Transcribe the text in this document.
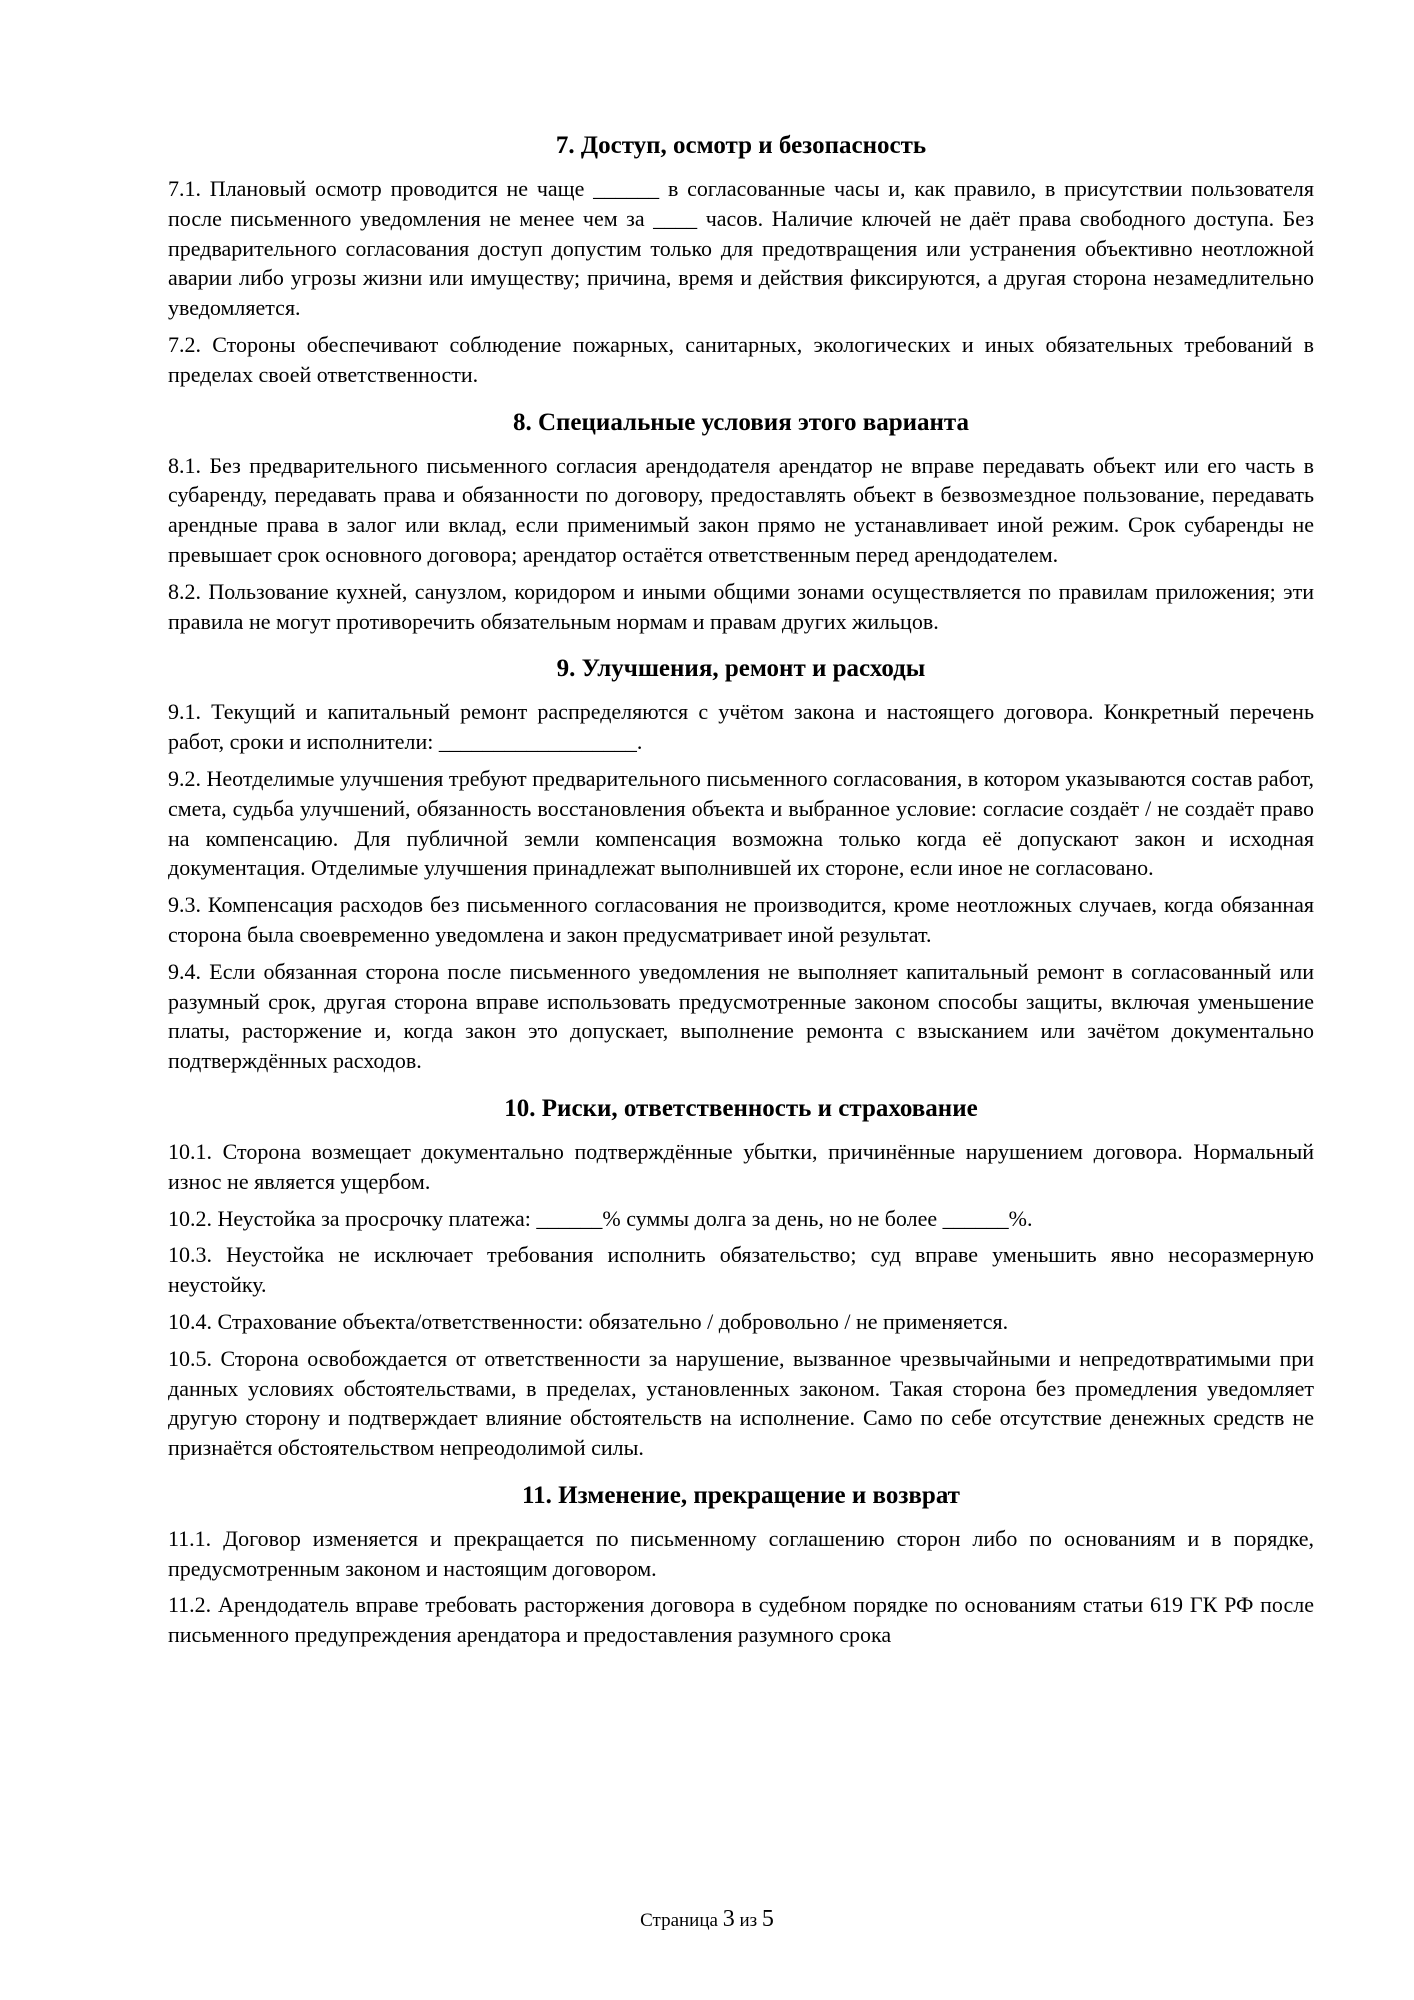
7. Доступ, осмотр и безопасность

7.1. Плановый осмотр проводится не чаще ______ в согласованные часы и, как правило, в присутствии пользователя после письменного уведомления не менее чем за ____ часов. Наличие ключей не даёт права свободного доступа. Без предварительного согласования доступ допустим только для предотвращения или устранения объективно неотложной аварии либо угрозы жизни или имуществу; причина, время и действия фиксируются, а другая сторона незамедлительно уведомляется.

7.2. Стороны обеспечивают соблюдение пожарных, санитарных, экологических и иных обязательных требований в пределах своей ответственности.

8. Специальные условия этого варианта

8.1. Без предварительного письменного согласия арендодателя арендатор не вправе передавать объект или его часть в субаренду, передавать права и обязанности по договору, предоставлять объект в безвозмездное пользование, передавать арендные права в залог или вклад, если применимый закон прямо не устанавливает иной режим. Срок субаренды не превышает срок основного договора; арендатор остаётся ответственным перед арендодателем.

8.2. Пользование кухней, санузлом, коридором и иными общими зонами осуществляется по правилам приложения; эти правила не могут противоречить обязательным нормам и правам других жильцов.

9. Улучшения, ремонт и расходы

9.1. Текущий и капитальный ремонт распределяются с учётом закона и настоящего договора. Конкретный перечень работ, сроки и исполнители: __________________.

9.2. Неотделимые улучшения требуют предварительного письменного согласования, в котором указываются состав работ, смета, судьба улучшений, обязанность восстановления объекта и выбранное условие: согласие создаёт / не создаёт право на компенсацию. Для публичной земли компенсация возможна только когда её допускают закон и исходная документация. Отделимые улучшения принадлежат выполнившей их стороне, если иное не согласовано.

9.3. Компенсация расходов без письменного согласования не производится, кроме неотложных случаев, когда обязанная сторона была своевременно уведомлена и закон предусматривает иной результат.

9.4. Если обязанная сторона после письменного уведомления не выполняет капитальный ремонт в согласованный или разумный срок, другая сторона вправе использовать предусмотренные законом способы защиты, включая уменьшение платы, расторжение и, когда закон это допускает, выполнение ремонта с взысканием или зачётом документально подтверждённых расходов.

10. Риски, ответственность и страхование

10.1. Сторона возмещает документально подтверждённые убытки, причинённые нарушением договора. Нормальный износ не является ущербом.

10.2. Неустойка за просрочку платежа: ______% суммы долга за день, но не более ______%.

10.3. Неустойка не исключает требования исполнить обязательство; суд вправе уменьшить явно несоразмерную неустойку.

10.4. Страхование объекта/ответственности: обязательно / добровольно / не применяется.

10.5. Сторона освобождается от ответственности за нарушение, вызванное чрезвычайными и непредотвратимыми при данных условиях обстоятельствами, в пределах, установленных законом. Такая сторона без промедления уведомляет другую сторону и подтверждает влияние обстоятельств на исполнение. Само по себе отсутствие денежных средств не признаётся обстоятельством непреодолимой силы.

11. Изменение, прекращение и возврат

11.1. Договор изменяется и прекращается по письменному соглашению сторон либо по основаниям и в порядке, предусмотренным законом и настоящим договором.

11.2. Арендодатель вправе требовать расторжения договора в судебном порядке по основаниям статьи 619 ГК РФ после письменного предупреждения арендатора и предоставления разумного срока

Страница 3 из 5
